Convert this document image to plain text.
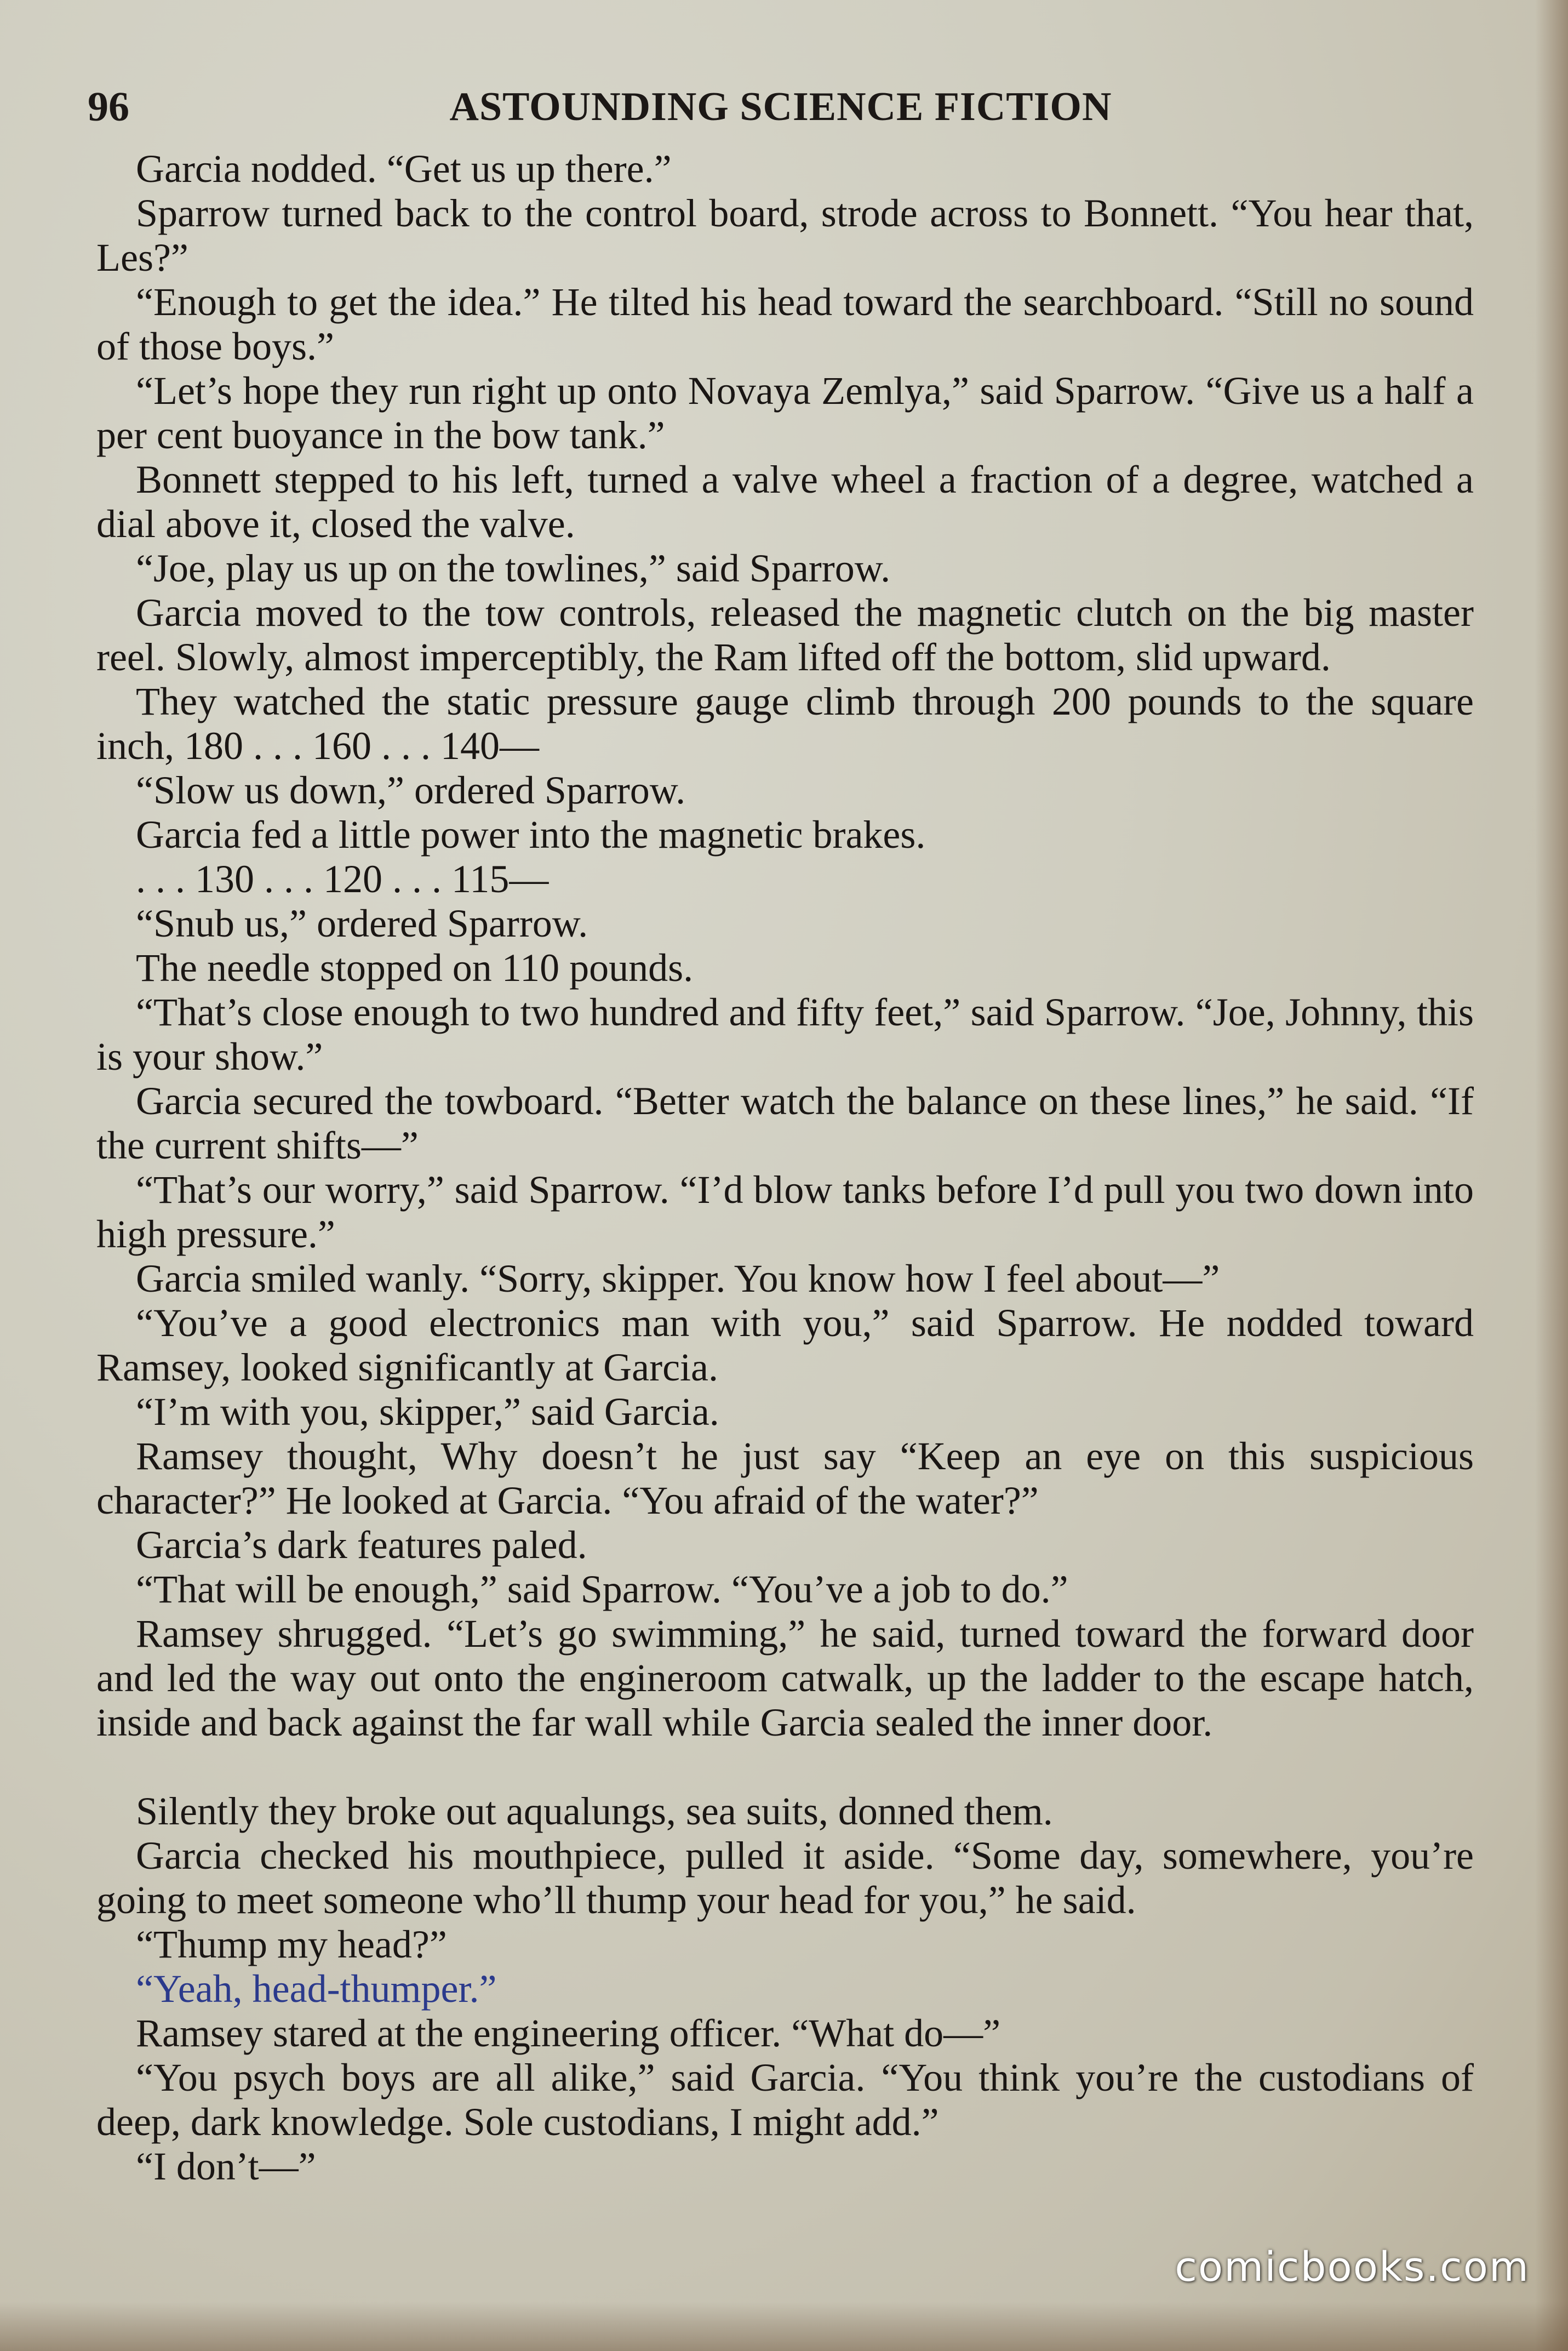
96	ASTOUNDING SCIENCE FICTION

Garcia nodded. “Get us up there.”

Sparrow turned back to the control board, strode across to Bonnett. “You hear that, Les?”

“Enough to get the idea.” He tilted his head toward the searchboard. “Still no sound of those boys.”

“Let’s hope they run right up onto Novaya Zemlya,” said Sparrow. “Give us a half a per cent buoyance in the bow tank.”

Bonnett stepped to his left, turned a valve wheel a fraction of a degree, watched a dial above it, closed the valve.

“Joe, play us up on the towlines,” said Sparrow.

Garcia moved to the tow controls, released the magnetic clutch on the big master reel. Slowly, almost imperceptibly, the Ram lifted off the bottom, slid upward.

They watched the static pressure gauge climb through 200 pounds to the square inch, 180 . . . 160 . . . 140—

“Slow us down,” ordered Sparrow.

Garcia fed a little power into the magnetic brakes.

. . . 130 . . . 120 . . . 115—

“Snub us,” ordered Sparrow.

The needle stopped on 110 pounds.

“That’s close enough to two hundred and fifty feet,” said Sparrow. “Joe, Johnny, this is your show.”

Garcia secured the towboard. “Better watch the balance on these lines,” he said. “If the current shifts—”

“That’s our worry,” said Sparrow. “I’d blow tanks before I’d pull you two down into high pressure.”

Garcia smiled wanly. “Sorry, skipper. You know how I feel about—”

“You’ve a good electronics man with you,” said Sparrow. He nodded toward Ramsey, looked significantly at Garcia.

“I’m with you, skipper,” said Garcia.

Ramsey thought, Why doesn’t he just say “Keep an eye on this suspicious character?” He looked at Garcia. “You afraid of the water?”

Garcia’s dark features paled.

“That will be enough,” said Sparrow. “You’ve a job to do.”

Ramsey shrugged. “Let’s go swimming,” he said, turned toward the forward door and led the way out onto the engineroom catwalk, up the ladder to the escape hatch, inside and back against the far wall while Garcia sealed the inner door.

Silently they broke out aqualungs, sea suits, donned them.

Garcia checked his mouthpiece, pulled it aside. “Some day, somewhere, you’re going to meet someone who’ll thump your head for you,” he said.

“Thump my head?”

“Yeah, head-thumper.”

Ramsey stared at the engineering officer. “What do—”

“You psych boys are all alike,” said Garcia. “You think you’re the custodians of deep, dark knowledge. Sole custodians, I might add.”

“I don’t—”

comicbooks.com
